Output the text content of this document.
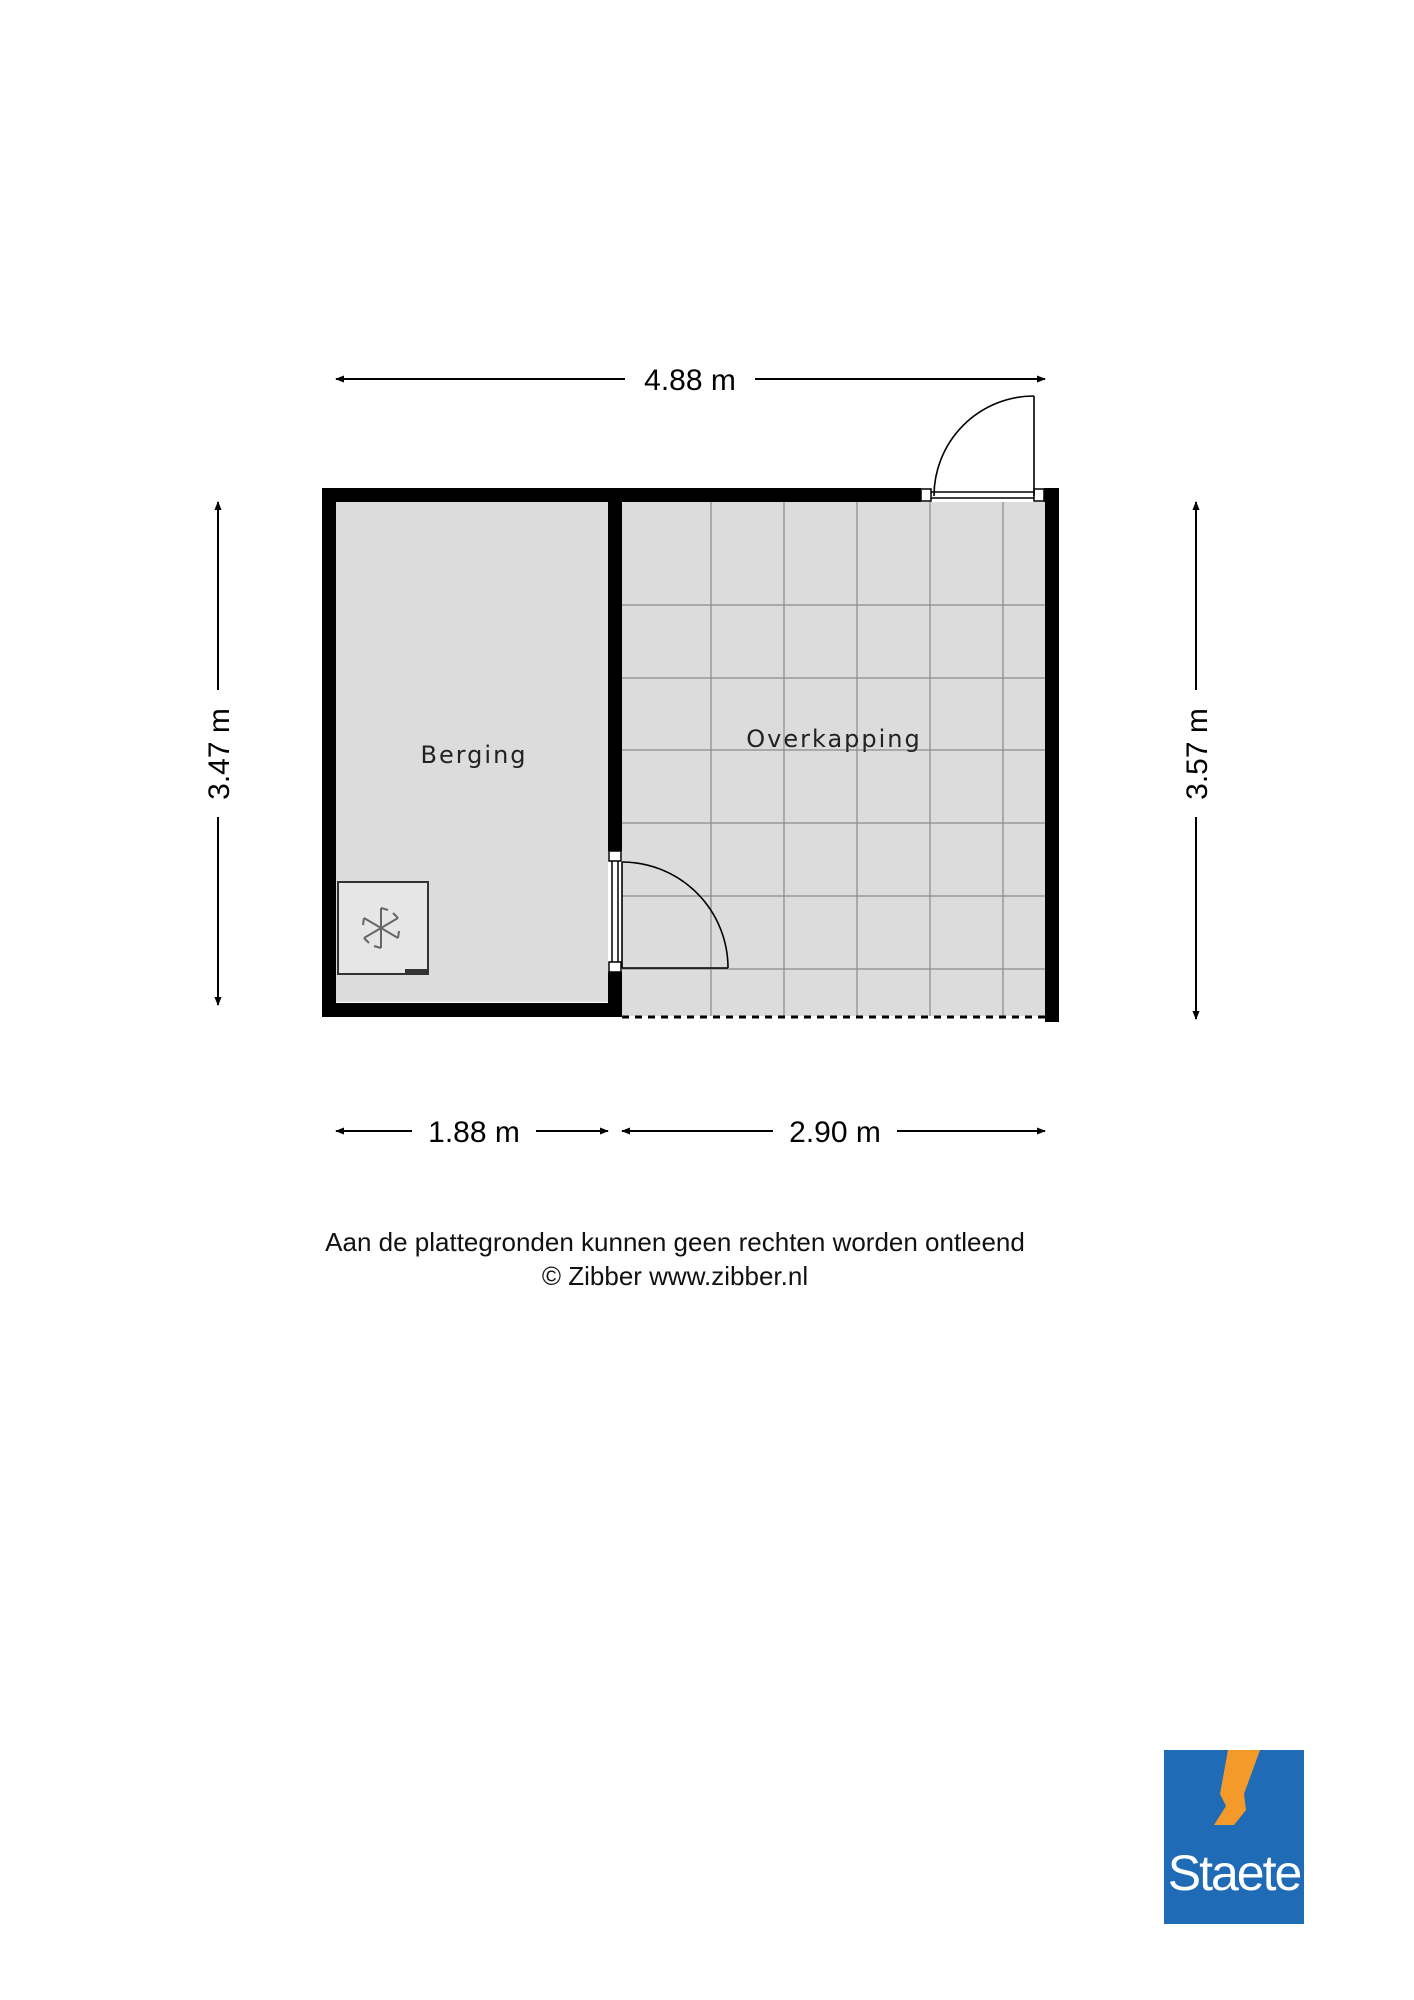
Berging
Overkapping
4.88 m
3.47 m	3.57 m
1.88 m	2.90 m
Aan de plattegronden kunnen geen rechten worden ontleend
© Zibber www.zibber.nl
Staete
